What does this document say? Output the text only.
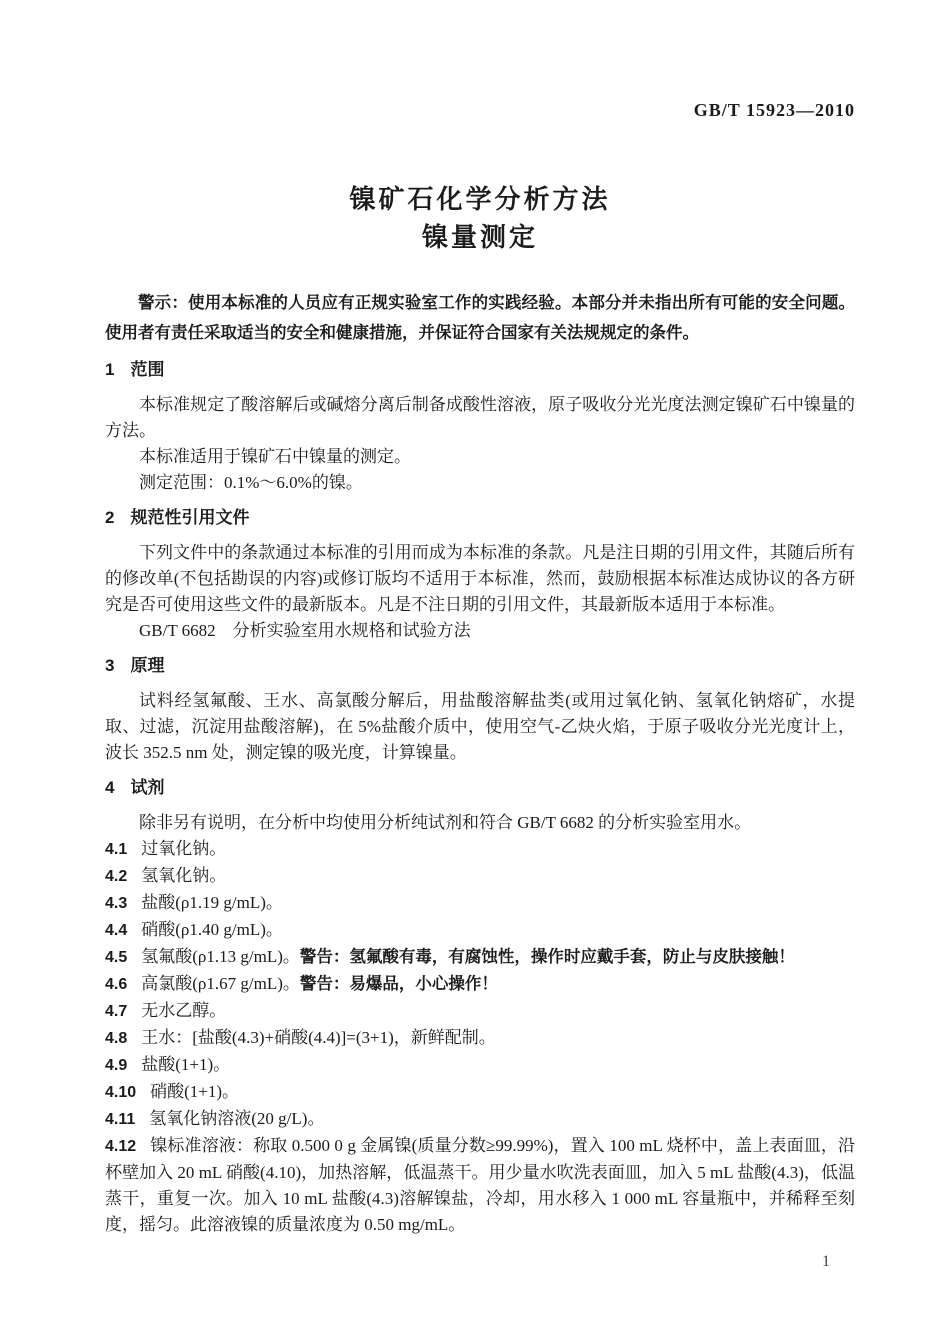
GB/T 15923—2010
镍矿石化学分析方法
镍量测定

警示：使用本标准的人员应有正规实验室工作的实践经验。本部分并未指出所有可能的安全问题。使用者有责任采取适当的安全和健康措施，并保证符合国家有关法规规定的条件。

1 范围

本标准规定了酸溶解后或碱熔分离后制备成酸性溶液，原子吸收分光光度法测定镍矿石中镍量的方法。

本标准适用于镍矿石中镍量的测定。

测定范围：0.1%～6.0%的镍。

2 规范性引用文件

下列文件中的条款通过本标准的引用而成为本标准的条款。凡是注日期的引用文件，其随后所有的修改单(不包括勘误的内容)或修订版均不适用于本标准，然而，鼓励根据本标准达成协议的各方研究是否可使用这些文件的最新版本。凡是不注日期的引用文件，其最新版本适用于本标准。

GB/T 6682　分析实验室用水规格和试验方法

3 原理

试料经氢氟酸、王水、高氯酸分解后，用盐酸溶解盐类(或用过氧化钠、氢氧化钠熔矿，水提取、过滤，沉淀用盐酸溶解)，在 5%盐酸介质中，使用空气-乙炔火焰，于原子吸收分光光度计上，波长 352.5 nm 处，测定镍的吸光度，计算镍量。

4 试剂

除非另有说明，在分析中均使用分析纯试剂和符合 GB/T 6682 的分析实验室用水。

4.1 过氧化钠。

4.2 氢氧化钠。

4.3 盐酸(ρ1.19 g/mL)。

4.4 硝酸(ρ1.40 g/mL)。

4.5 氢氟酸(ρ1.13 g/mL)。警告：氢氟酸有毒，有腐蚀性，操作时应戴手套，防止与皮肤接触！

4.6 高氯酸(ρ1.67 g/mL)。警告：易爆品，小心操作！

4.7 无水乙醇。

4.8 王水：[盐酸(4.3)+硝酸(4.4)]=(3+1)，新鲜配制。

4.9 盐酸(1+1)。

4.10 硝酸(1+1)。

4.11 氢氧化钠溶液(20 g/L)。

4.12 镍标准溶液：称取 0.500 0 g 金属镍(质量分数≥99.99%)，置入 100 mL 烧杯中，盖上表面皿，沿杯壁加入 20 mL 硝酸(4.10)，加热溶解，低温蒸干。用少量水吹洗表面皿，加入 5 mL 盐酸(4.3)，低温蒸干，重复一次。加入 10 mL 盐酸(4.3)溶解镍盐，冷却，用水移入 1 000 mL 容量瓶中，并稀释至刻度，摇匀。此溶液镍的质量浓度为 0.50 mg/mL。

1
